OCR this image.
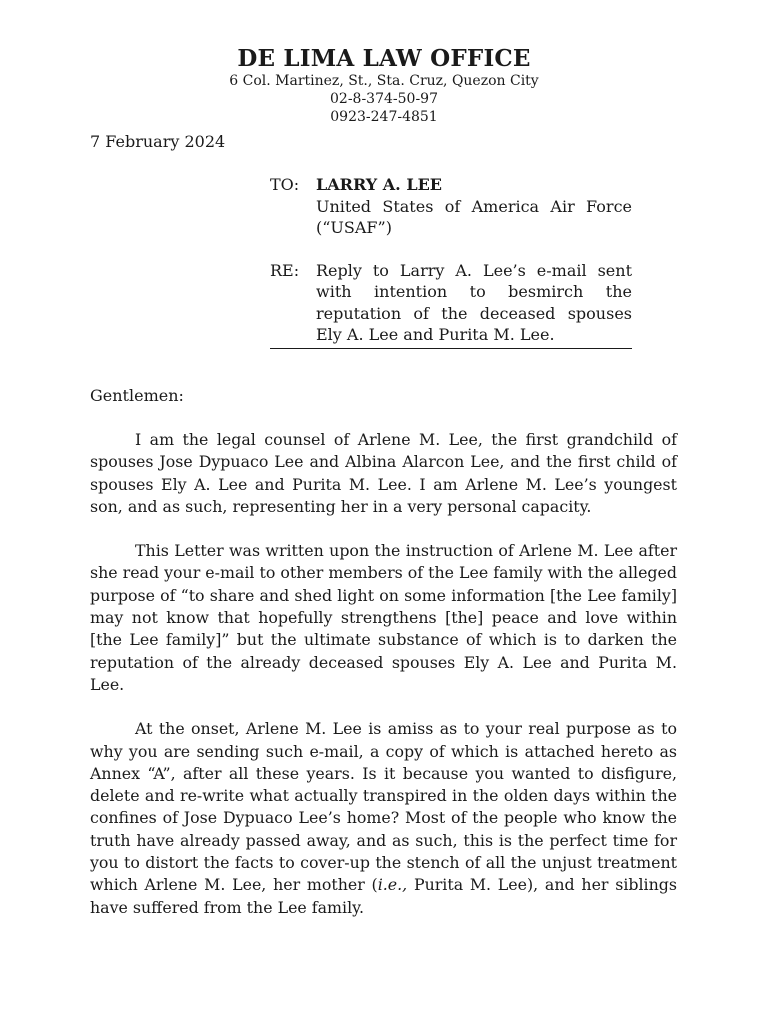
DE LIMA LAW OFFICE
6 Col. Martinez, St., Sta. Cruz, Quezon City
02-8-374-50-97
0923-247-4851
7 February 2024
TO:	LARRY A. LEE
United States of America Air Force (“USAF”)
RE:	Reply to Larry A. Lee’s e-mail sent with intention to besmirch the reputation of the deceased spouses Ely A. Lee and Purita M. Lee.
Gentlemen:

I am the legal counsel of Arlene M. Lee, the first grandchild of spouses Jose Dypuaco Lee and Albina Alarcon Lee, and the first child of spouses Ely A. Lee and Purita M. Lee. I am Arlene M. Lee’s youngest son, and as such, representing her in a very personal capacity.

This Letter was written upon the instruction of Arlene M. Lee after she read your e-mail to other members of the Lee family with the alleged purpose of “to share and shed light on some information [the Lee family] may not know that hopefully strengthens [the] peace and love within [the Lee family]” but the ultimate substance of which is to darken the reputation of the already deceased spouses Ely A. Lee and Purita M. Lee.

At the onset, Arlene M. Lee is amiss as to your real purpose as to why you are sending such e-mail, a copy of which is attached hereto as Annex “A”, after all these years. Is it because you wanted to disfigure, delete and re-write what actually transpired in the olden days within the confines of Jose Dypuaco Lee’s home? Most of the people who know the truth have already passed away, and as such, this is the perfect time for you to distort the facts to cover-up the stench of all the unjust treatment which Arlene M. Lee, her mother (i.e., Purita M. Lee), and her siblings have suffered from the Lee family.
